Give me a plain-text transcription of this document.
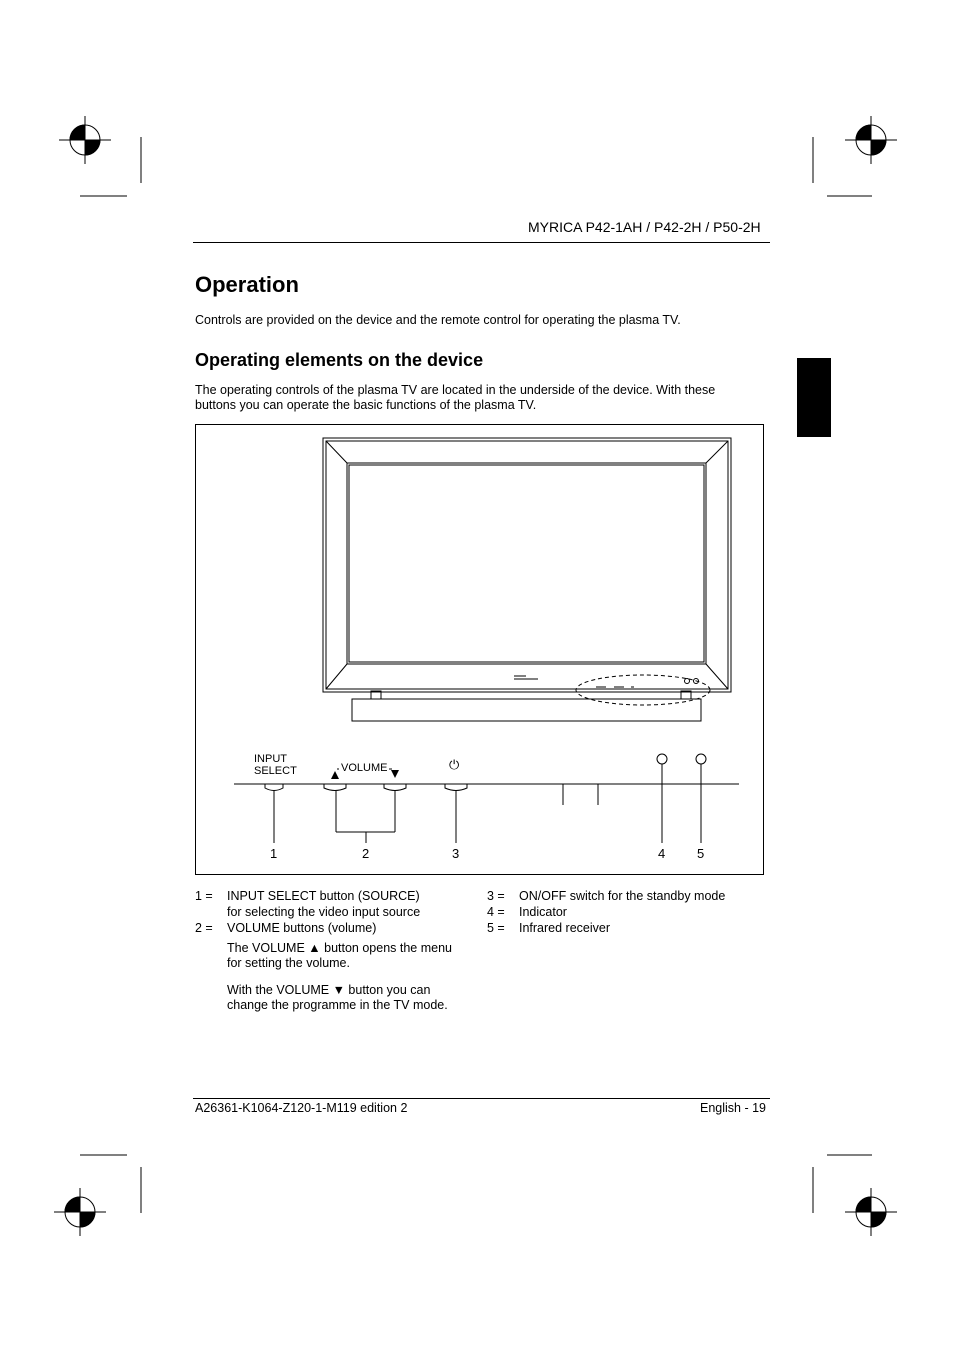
MYRICA P42-1AH / P42-2H / P50-2H
Operation
Controls are provided on the device and the remote control for operating the plasma TV.
Operating elements on the device
The operating controls of the plasma TV are located in the underside of the device. With these
buttons you can operate the basic functions of the plasma TV.
INPUT
SELECT	VOLUME	⏻
1	2	3	4 5
1 = INPUT SELECT button (SOURCE)
for selecting the video input source
2 = VOLUME buttons (volume)
The VOLUME ▲ button opens the menu
for setting the volume.
With the VOLUME ▼ button you can
change the programme in the TV mode.
3 = ON/OFF switch for the standby mode
4 = Indicator
5 = Infrared receiver
A26361-K1064-Z120-1-M119 edition 2	English - 19
